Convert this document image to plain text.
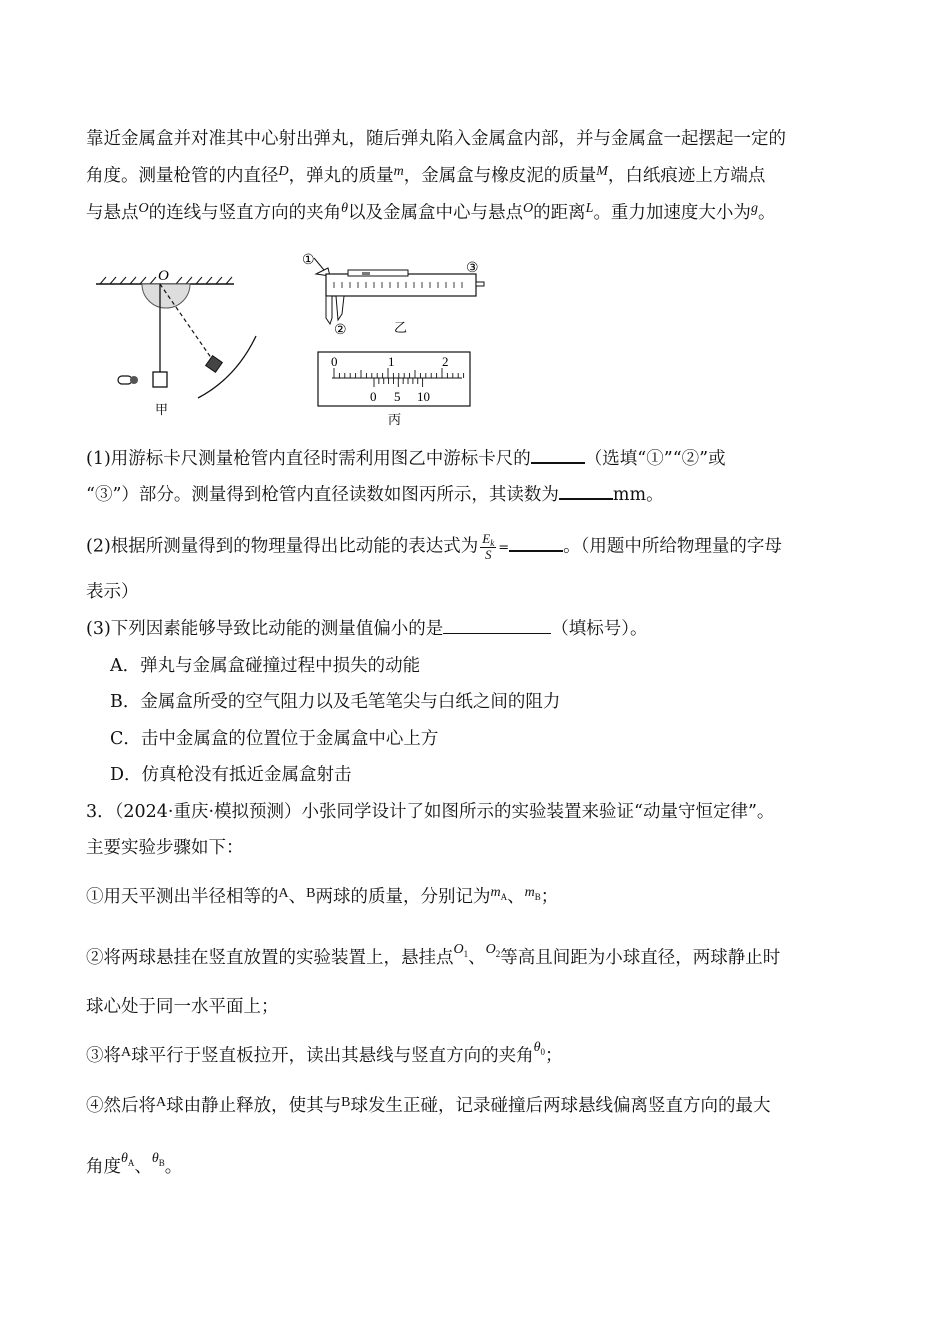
靠近金属盒并对准其中心射出弹丸，随后弹丸陷入金属盒内部，并与金属盒一起摆起一定的
角度。测量枪管的内直径$^D$，弹丸的质量$^m$，金属盒与橡皮泥的质量$^M$，白纸痕迹上方端点
与悬点$^O$的连线与竖直方向的夹角$^\theta$以及金属盒中心与悬点$^O$的距离$^L$。重力加速度大小为$^g$。
O
甲
①
②
③
乙
0	1	2
0 5 10
丙
(1)用游标卡尺测量枪管内直径时需利用图乙中游标卡尺的	（选填“①”“②”或
“③”）部分。测量得到枪管内直径读数如图丙所示，其读数为	mm。
(2)根据所测量得到的物理量得出比动能的表达式为 $\frac{E_k}{S}$ =	。（用题中所给物理量的字母
表示）
(3)下列因素能够导致比动能的测量值偏小的是	（填标号）。
A．弹丸与金属盒碰撞过程中损失的动能
B．金属盒所受的空气阻力以及毛笔笔尖与白纸之间的阻力
C．击中金属盒的位置位于金属盒中心上方
D．仿真枪没有抵近金属盒射击
3．（2024·重庆·模拟预测）小张同学设计了如图所示的实验装置来验证“动量守恒定律”。
主要实验步骤如下：
①用天平测出半径相等的$^A$、$^B$两球的质量，分别记为$^m$A、$^m$B；
②将两球悬挂在竖直放置的实验装置上，悬挂点$^{O1}$、$^{O2}$等高且间距为小球直径，两球静止时
球心处于同一水平面上；
③将$^A$球平行于竖直板拉开，读出其悬线与竖直方向的夹角$^{\theta 0}$；
④然后将$^A$球由静止释放，使其与$^B$球发生正碰，记录碰撞后两球悬线偏离竖直方向的最大
角度$^{\theta A}$、$^{\theta B}$。
